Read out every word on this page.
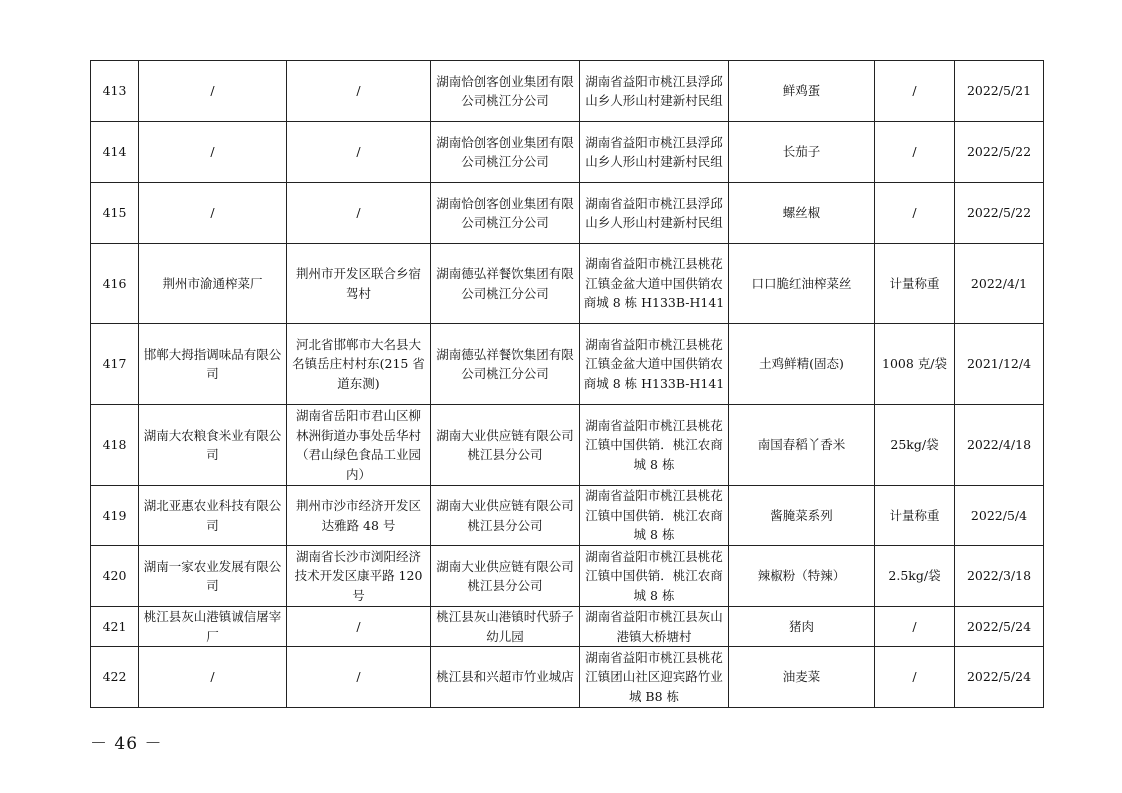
413	/	/	湖南恰创客创业集团有限公司桃江分公司	湖南省益阳市桃江县浮邱山乡人形山村建新村民组	鲜鸡蛋	/	2022/5/21
414	/	/	湖南恰创客创业集团有限公司桃江分公司	湖南省益阳市桃江县浮邱山乡人形山村建新村民组	长茄子	/	2022/5/22
415	/	/	湖南恰创客创业集团有限公司桃江分公司	湖南省益阳市桃江县浮邱山乡人形山村建新村民组	螺丝椒	/	2022/5/22
416	荆州市渝通榨菜厂	荆州市开发区联合乡宿驾村	湖南德弘祥餐饮集团有限公司桃江分公司	湖南省益阳市桃江县桃花江镇金盆大道中国供销农商城 8 栋 H133B-H141	口口脆红油榨菜丝	计量称重	2022/4/1
417	邯郸大拇指调味品有限公司	河北省邯郸市大名县大名镇岳庄村村东(215 省道东测)	湖南德弘祥餐饮集团有限公司桃江分公司	湖南省益阳市桃江县桃花江镇金盆大道中国供销农商城 8 栋 H133B-H141	土鸡鲜精(固态)	1008 克/袋	2021/12/4
418	湖南大农粮食米业有限公司	湖南省岳阳市君山区柳林洲街道办事处岳华村（君山绿色食品工业园内）	湖南大业供应链有限公司桃江县分公司	湖南省益阳市桃江县桃花江镇中国供销．桃江农商城 8 栋	南国春稻丫香米	25kg/袋	2022/4/18
419	湖北亚惠农业科技有限公司	荆州市沙市经济开发区达雅路 48 号	湖南大业供应链有限公司桃江县分公司	湖南省益阳市桃江县桃花江镇中国供销．桃江农商城 8 栋	酱腌菜系列	计量称重	2022/5/4
420	湖南一家农业发展有限公司	湖南省长沙市浏阳经济技术开发区康平路 120 号	湖南大业供应链有限公司桃江县分公司	湖南省益阳市桃江县桃花江镇中国供销．桃江农商城 8 栋	辣椒粉（特辣）	2.5kg/袋	2022/3/18
421	桃江县灰山港镇诚信屠宰厂	/	桃江县灰山港镇时代骄子幼儿园	湖南省益阳市桃江县灰山港镇大桥塘村	猪肉	/	2022/5/24
422	/	/	桃江县和兴超市竹业城店	湖南省益阳市桃江县桃花江镇团山社区迎宾路竹业城 B8 栋	油麦菜	/	2022/5/24
－ 46 －
